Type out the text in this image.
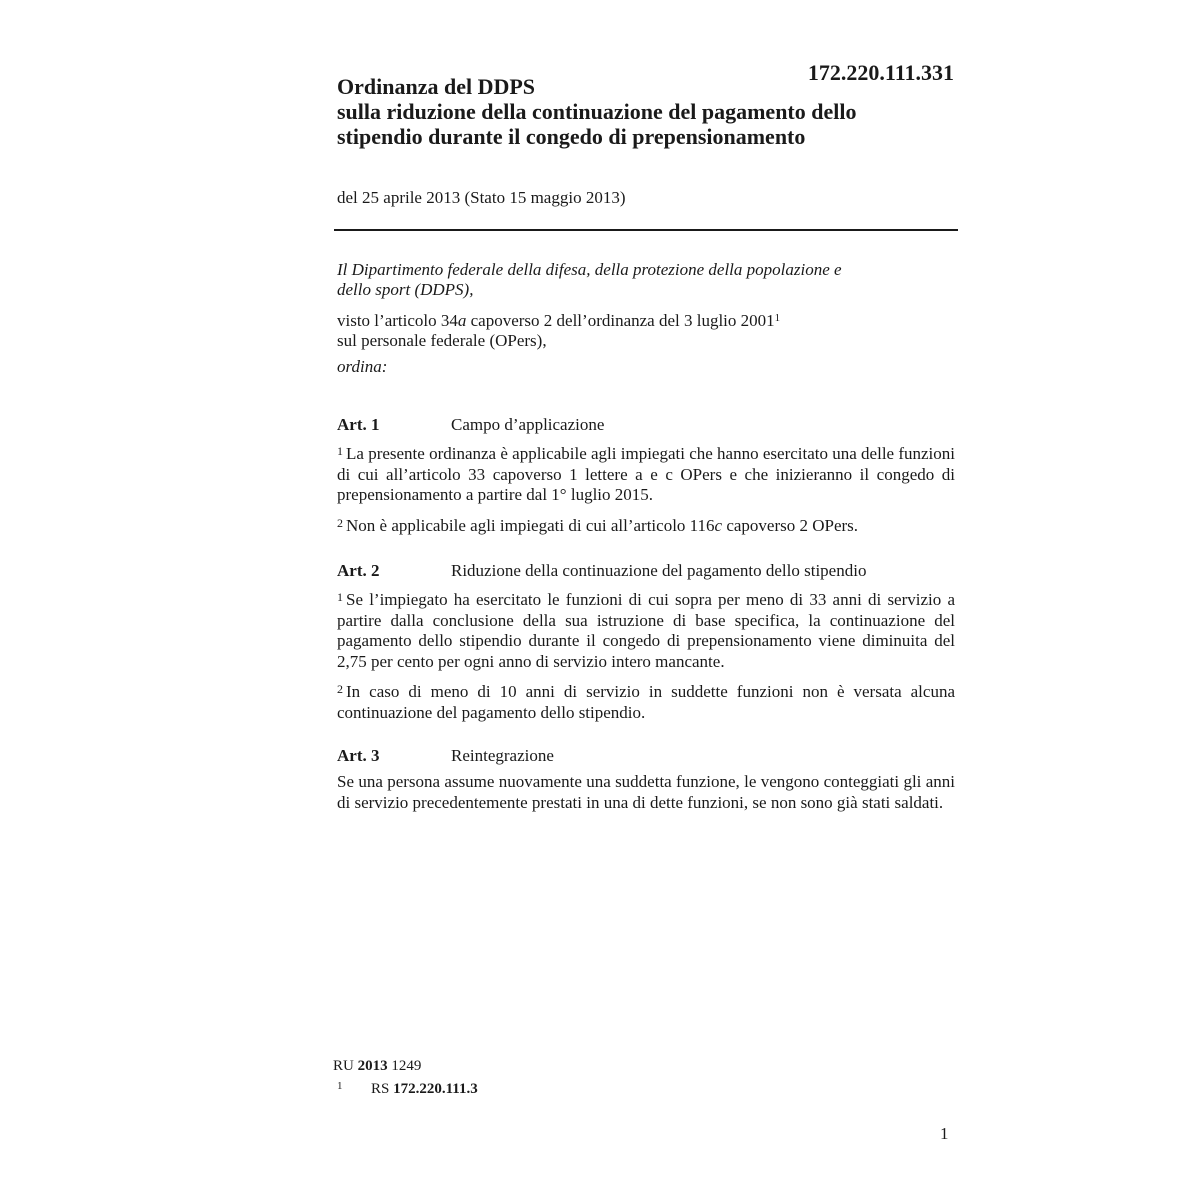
172.220.111.331
Ordinanza del DDPS
sulla riduzione della continuazione del pagamento dello
stipendio durante il congedo di prepensionamento
del 25 aprile 2013 (Stato 15 maggio 2013)

Il Dipartimento federale della difesa, della protezione della popolazione e

dello sport (DDPS),

visto l’articolo 34a capoverso 2 dell’ordinanza del 3 luglio 2001$^1$

sul personale federale (OPers),

ordina:

Art. 1	Campo d’applicazione

$^1$ La presente ordinanza è applicabile agli impiegati che hanno esercitato una delle funzioni di cui all’articolo 33 capoverso 1 lettere a e c OPers e che inizieranno il congedo di prepensionamento a partire dal 1° luglio 2015.

$^2$ Non è applicabile agli impiegati di cui all’articolo 116c capoverso 2 OPers.

Art. 2	Riduzione della continuazione del pagamento dello stipendio

$^1$ Se l’impiegato ha esercitato le funzioni di cui sopra per meno di 33 anni di servizio a partire dalla conclusione della sua istruzione di base specifica, la continuazione del pagamento dello stipendio durante il congedo di prepensionamento viene diminuita del 2,75 per cento per ogni anno di servizio intero mancante.

$^2$ In caso di meno di 10 anni di servizio in suddette funzioni non è versata alcuna continuazione del pagamento dello stipendio.

Art. 3	Reintegrazione

Se una persona assume nuovamente una suddetta funzione, le vengono conteggiati gli anni di servizio precedentemente prestati in una di dette funzioni, se non sono già stati saldati.

RU 2013 1249
1 RS 172.220.111.3
1
